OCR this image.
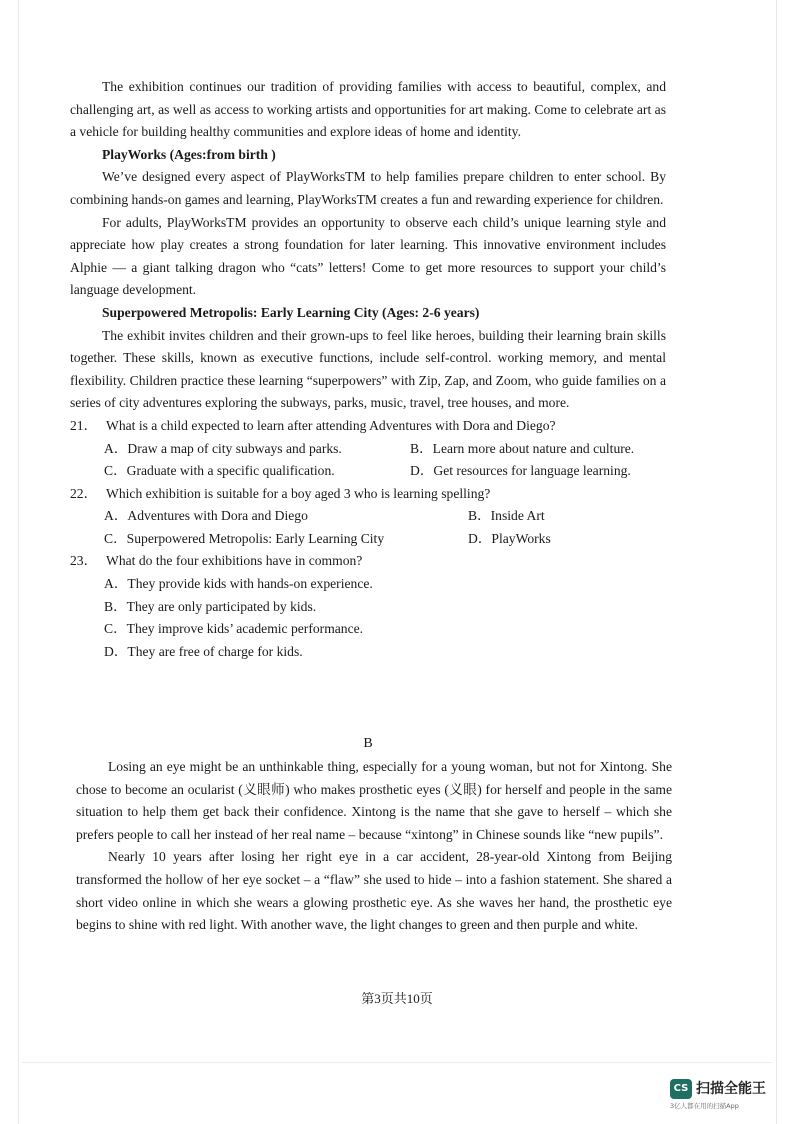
The exhibition continues our tradition of providing families with access to beautiful, complex, and challenging art, as well as access to working artists and opportunities for art making. Come to celebrate art as a vehicle for building healthy communities and explore ideas of home and identity.

PlayWorks (Ages:from birth )

We’ve designed every aspect of PlayWorksTM to help families prepare children to enter school. By combining hands-on games and learning, PlayWorksTM creates a fun and rewarding experience for children.

For adults, PlayWorksTM provides an opportunity to observe each child’s unique learning style and appreciate how play creates a strong foundation for later learning. This innovative environment includes Alphie — a giant talking dragon who “cats” letters! Come to get more resources to support your child’s language development.

Superpowered Metropolis: Early Learning City (Ages: 2-6 years)

The exhibit invites children and their grown-ups to feel like heroes, building their learning brain skills together. These skills, known as executive functions, include self-control. working memory, and mental flexibility. Children practice these learning “superpowers” with Zip, Zap, and Zoom, who guide families on a series of city adventures exploring the subways, parks, music, travel, tree houses, and more.

21． What is a child expected to learn after attending Adventures with Dora and Diego?
A．Draw a map of city subways and parks.	B．Learn more about nature and culture.
C．Graduate with a specific qualification.	D．Get resources for language learning.
22． Which exhibition is suitable for a boy aged 3 who is learning spelling?
A．Adventures with Dora and Diego	B．Inside Art
C．Superpowered Metropolis: Early Learning City	D．PlayWorks
23． What do the four exhibitions have in common?
A．They provide kids with hands-on experience.
B．They are only participated by kids.
C．They improve kids’ academic performance.
D．They are free of charge for kids.
B

Losing an eye might be an unthinkable thing, especially for a young woman, but not for Xintong. She chose to become an ocularist (义眼师) who makes prosthetic eyes (义眼) for herself and people in the same situation to help them get back their confidence. Xintong is the name that she gave to herself – which she prefers people to call her instead of her real name – because “xintong” in Chinese sounds like “new pupils”.

Nearly 10 years after losing her right eye in a car accident, 28-year-old Xintong from Beijing transformed the hollow of her eye socket – a “flaw” she used to hide – into a fashion statement. She shared a short video online in which she wears a glowing prosthetic eye. As she waves her hand, the prosthetic eye begins to shine with red light. With another wave, the light changes to green and then purple and white.

第3页共10页
CS 扫描全能王
3亿人都在用的扫描App
